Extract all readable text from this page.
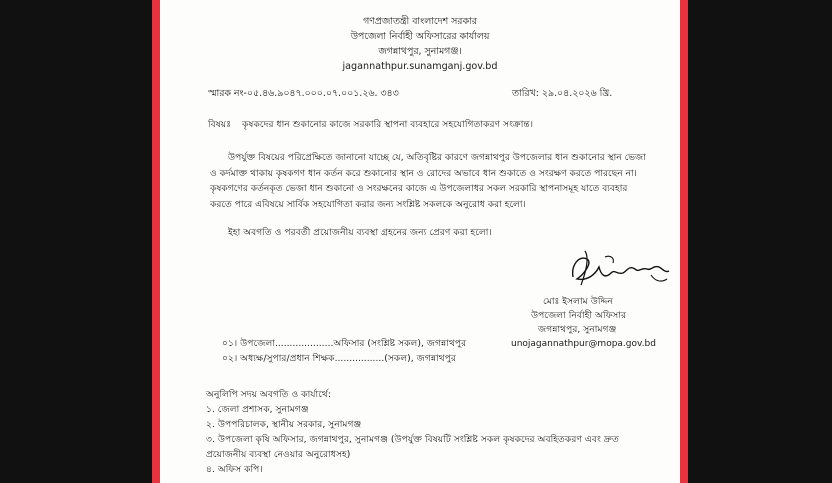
গণপ্রজাতন্ত্রী বাংলাদেশ সরকার
উপজেলা নির্বাহী অফিসারের কার্যালয়
জগন্নাথপুর, সুনামগঞ্জ।
jagannathpur.sunamganj.gov.bd
স্মারক নং-০৫.৪৬.৯০৪৭.০০০.০৭.০০১.২৬. ৩৪৩	তারিখ: ২৯.০৪.২০২৬ খ্রি.
বিষয়ঃ কৃষকদের ধান শুকানোর কাজে সরকারি স্থাপনা ব্যবহারে সহযোগিতাকরণ সংক্রান্ত।
উপর্যুক্ত বিষয়ের পরিপ্রেক্ষিতে জানানো যাচ্ছে যে, অতিবৃষ্টির কারণে জগন্নাথপুর উপজেলার ধান শুকানোর স্থান ভেজা ও কর্দমাক্ত থাকায় কৃষকগণ ধান কর্তন করে শুকানোর স্থান ও রোদের অভাবে ধান শুকাতে ও সংরক্ষণ করতে পারছেন না। কৃষকগণের কর্তনকৃত ভেজা ধান শুকানো ও সংরক্ষনের কাজে এ উপজেলাধর সকল সরকারি স্থাপনাসমূহ যাতে ব্যবহার করতে পারে এবিষয়ে সার্বিক সহযোগিতা করার জন্য সংশ্লিষ্ট সকলকে অনুরোধ করা হলো।
ইহা অবগতি ও পরবর্তী প্রয়োজনীয় ব্যবস্থা গ্রহনের জন্য প্রেরণ করা হলো।
মোঃ ইসলাম উদ্দিন
উপজেলা নির্বাহী অফিসার
জগন্নাথপুর, সুনামগঞ্জ
unojagannathpur@mopa.gov.bd
০১। উপজেলা....................অফিসার (সংশ্লিষ্ট সকল), জগন্নাথপুর
০২। অধ্যক্ষ/সুপার/প্রধান শিক্ষক.................(সকল), জগন্নাথপুর
অনুলিপি সদয় অবগতি ও কার্যার্থে:
১. জেলা প্রশাসক, সুনামগঞ্জ
২. উপপরিচালক, স্থানীয় সরকার, সুনামগঞ্জ
৩. উপজেলা কৃষি অফিসার, জগন্নাথপুর, সুনামগঞ্জ (উপর্যুক্ত বিষয়টি সংশ্লিষ্ট সকল কৃষকদের অবহিতকরণ এবং দ্রুত
প্রয়োজনীয় ব্যবস্থা নেওয়ার অনুরোধসহ)
৪. অফিস কপি।
